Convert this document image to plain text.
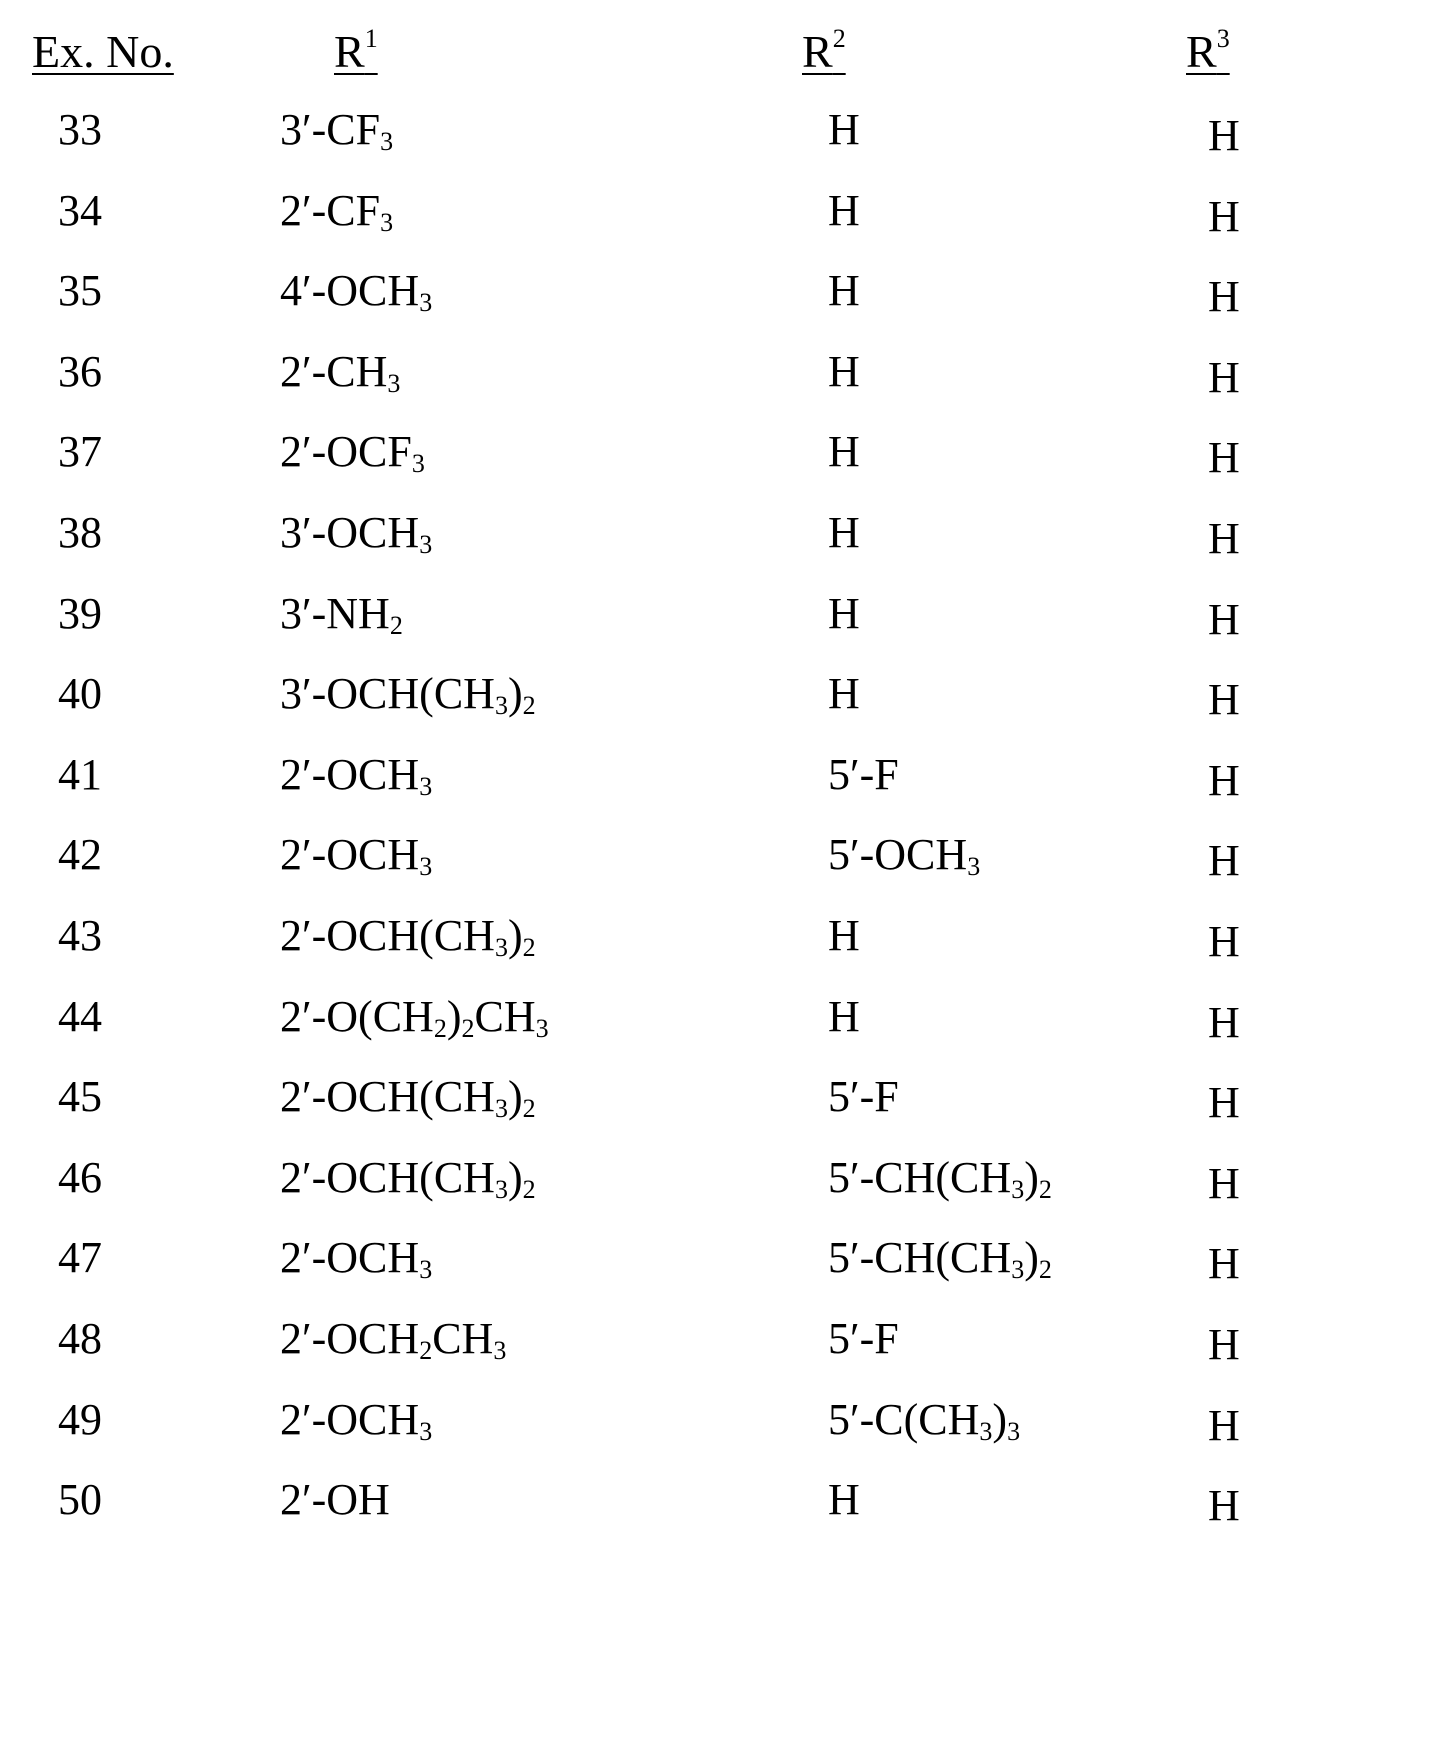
Ex. No.	$R^1$	$R^2$	$R^3$
33	$3'-CF_3$	H	H
34	$2'-CF_3$	H	H
35	$4'-OCH_3$	H	H
36	$2'-CH_3$	H	H
37	$2'-OCF_3$	H	H
38	$3'-OCH_3$	H	H
39	$3'-NH_2$	H	H
40	$3'-OCH(CH_3)_2$	H	H
41	$2'-OCH_3$	5′-F	H
42	$2'-OCH_3$	$5'-OCH_3$	H
43	$2'-OCH(CH_3)_2$	H	H
44	$2'-O(CH_2)_2CH_3$	H	H
45	$2'-OCH(CH_3)_2$	5′-F	H
46	$2'-OCH(CH_3)_2$	$5'-CH(CH_3)_2$	H
47	$2'-OCH_3$	$5'-CH(CH_3)_2$	H
48	$2'-OCH_2CH_3$	5′-F	H
49	$2'-OCH_3$	$5'-C(CH_3)_3$	H
50	2′-OH	H	H
